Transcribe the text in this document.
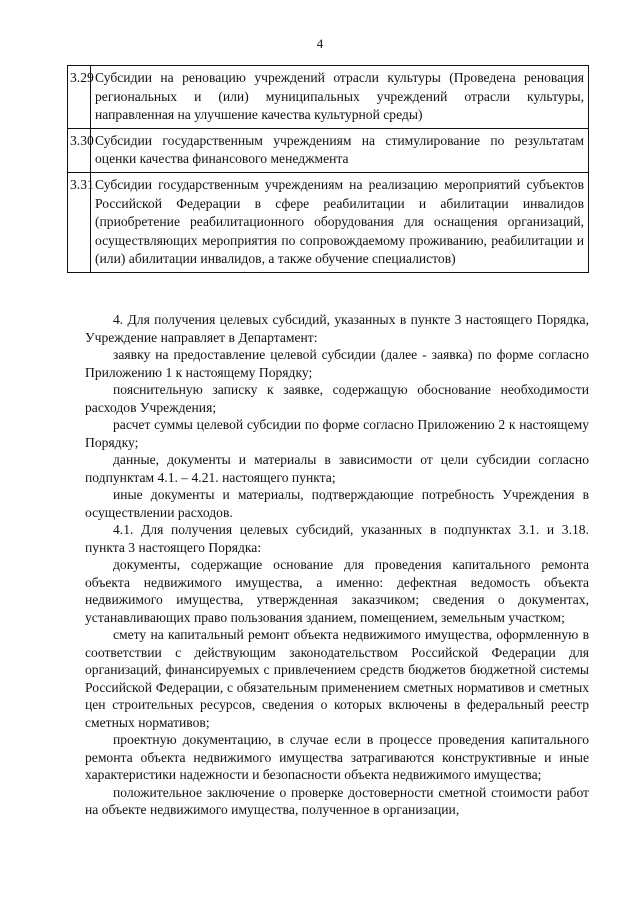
4
3.29	Субсидии на реновацию учреждений отрасли культуры (Проведена реновация региональных и (или) муниципальных учреждений отрасли культуры, направленная на улучшение качества культурной среды)
3.30	Субсидии государственным учреждениям на стимулирование по результатам оценки качества финансового менеджмента
3.31	Субсидии государственным учреждениям на реализацию мероприятий субъектов Российской Федерации в сфере реабилитации и абилитации инвалидов (приобретение реабилитационного оборудования для оснащения организаций, осуществляющих мероприятия по сопровождаемому проживанию, реабилитации и (или) абилитации инвалидов, а также обучение специалистов)

4. Для получения целевых субсидий, указанных в пункте 3 настоящего Порядка, Учреждение направляет в Департамент:

заявку на предоставление целевой субсидии (далее - заявка) по форме согласно Приложению 1 к настоящему Порядку;

пояснительную записку к заявке, содержащую обоснование необходимости расходов Учреждения;

расчет суммы целевой субсидии по форме согласно Приложению 2 к настоящему Порядку;

данные, документы и материалы в зависимости от цели субсидии согласно подпунктам 4.1. – 4.21. настоящего пункта;

иные документы и материалы, подтверждающие потребность Учреждения в осуществлении расходов.

4.1. Для получения целевых субсидий, указанных в подпунктах 3.1. и 3.18. пункта 3 настоящего Порядка:

документы, содержащие основание для проведения капитального ремонта объекта недвижимого имущества, а именно: дефектная ведомость объекта недвижимого имущества, утвержденная заказчиком; сведения о документах, устанавливающих право пользования зданием, помещением, земельным участком;

смету на капитальный ремонт объекта недвижимого имущества, оформленную в соответствии с действующим законодательством Российской Федерации для организаций, финансируемых с привлечением средств бюджетов бюджетной системы Российской Федерации, с обязательным применением сметных нормативов и сметных цен строительных ресурсов, сведения о которых включены в федеральный реестр сметных нормативов;

проектную документацию, в случае если в процессе проведения капитального ремонта объекта недвижимого имущества затрагиваются конструктивные и иные характеристики надежности и безопасности объекта недвижимого имущества;

положительное заключение о проверке достоверности сметной стоимости работ на объекте недвижимого имущества, полученное в организации,
